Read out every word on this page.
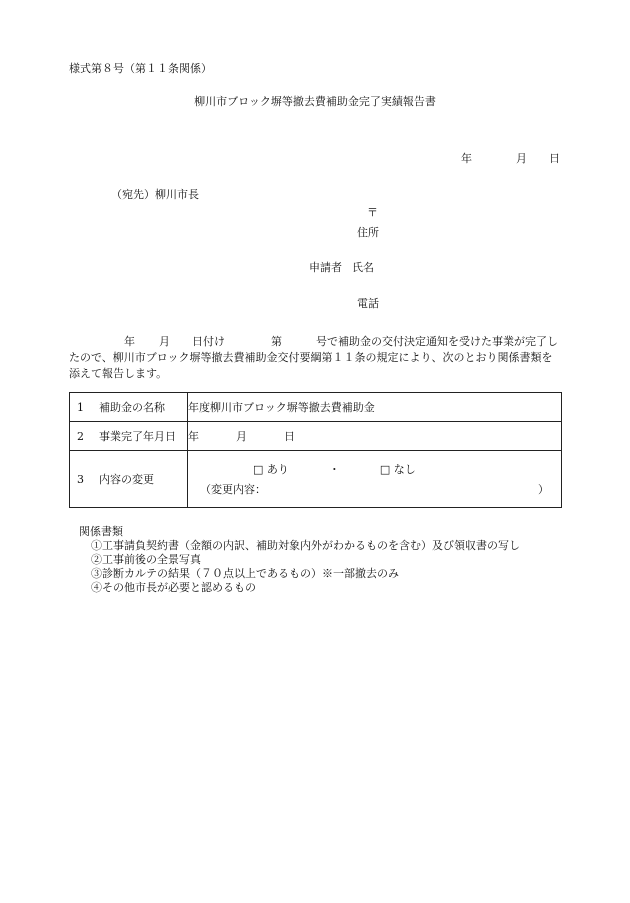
様式第８号（第１１条関係）
柳川市ブロック塀等撤去費補助金完了実績報告書
年	月 日
（宛先）柳川市長
〒
住所
申請者 氏名
電話
年 月 日付け	第	号で補助金の交付決定通知を受けた事業が完了したので、柳川市ブロック塀等撤去費補助金交付要綱第１１条の規定により、次のとおり関係書類を添えて報告します。
1 補助金の名称	年度柳川市ブロック塀等撤去費補助金
2 事業完了年月日	年 月 日
3 内容の変更	□ あり ・ □ なし
（変更内容： ）
関係書類
①工事請負契約書（金額の内訳、補助対象内外がわかるものを含む）及び領収書の写し
②工事前後の全景写真
③診断カルテの結果（７０点以上であるもの）※一部撤去のみ
④その他市長が必要と認めるもの
